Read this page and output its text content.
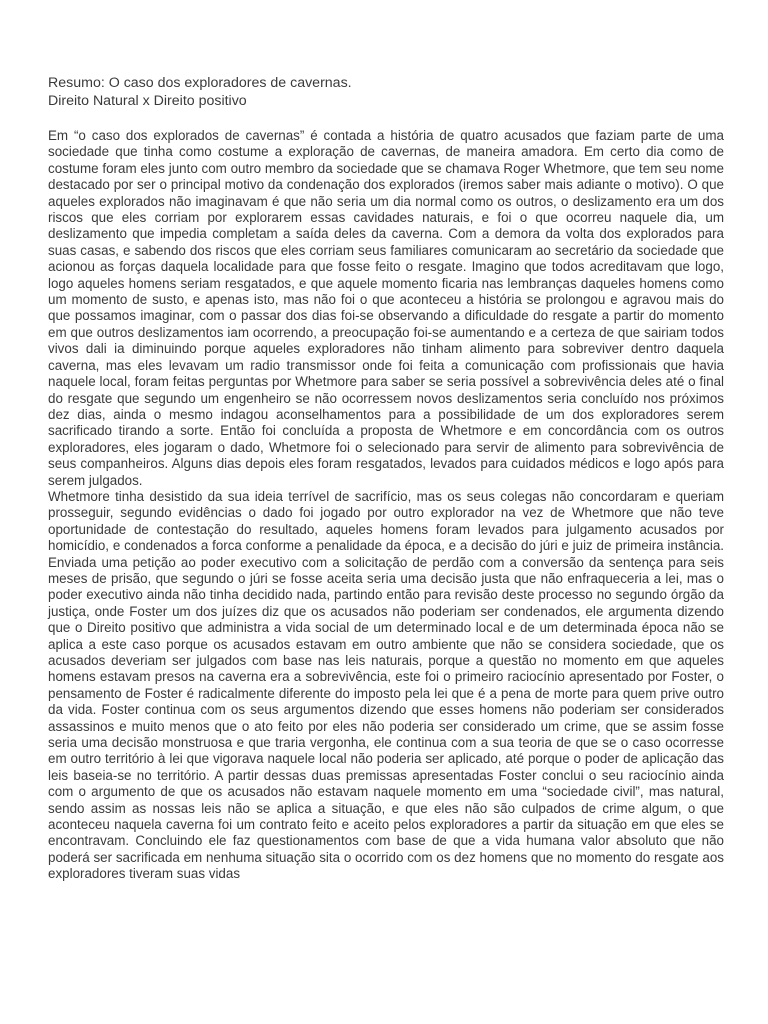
Resumo: O caso dos exploradores de cavernas.
Direito Natural x Direito positivo

Em “o caso dos explorados de cavernas” é contada a história de quatro acusados que faziam parte de uma sociedade que tinha como costume a exploração de cavernas, de maneira amadora. Em certo dia como de costume foram eles junto com outro membro da sociedade que se chamava Roger Whetmore, que tem seu nome destacado por ser o principal motivo da condenação dos explorados (iremos saber mais adiante o motivo). O que aqueles explorados não imaginavam é que não seria um dia normal como os outros, o deslizamento era um dos riscos que eles corriam por explorarem essas cavidades naturais, e foi o que ocorreu naquele dia, um deslizamento que impedia completam a saída deles da caverna. Com a demora da volta dos explorados para suas casas, e sabendo dos riscos que eles corriam seus familiares comunicaram ao secretário da sociedade que acionou as forças daquela localidade para que fosse feito o resgate. Imagino que todos acreditavam que logo, logo aqueles homens seriam resgatados, e que aquele momento ficaria nas lembranças daqueles homens como um momento de susto, e apenas isto, mas não foi o que aconteceu a história se prolongou e agravou mais do que possamos imaginar, com o passar dos dias foi-se observando a dificuldade do resgate a partir do momento em que outros deslizamentos iam ocorrendo, a preocupação foi-se aumentando e a certeza de que sairiam todos vivos dali ia diminuindo porque aqueles exploradores não tinham alimento para sobreviver dentro daquela caverna, mas eles levavam um radio transmissor onde foi feita a comunicação com profissionais que havia naquele local, foram feitas perguntas por Whetmore para saber se seria possível a sobrevivência deles até o final do resgate que segundo um engenheiro se não ocorressem novos deslizamentos seria concluído nos próximos dez dias, ainda o mesmo indagou aconselhamentos para a possibilidade de um dos exploradores serem sacrificado tirando a sorte. Então foi concluída a proposta de Whetmore e em concordância com os outros exploradores, eles jogaram o dado, Whetmore foi o selecionado para servir de alimento para sobrevivência de seus companheiros. Alguns dias depois eles foram resgatados, levados para cuidados médicos e logo após para serem julgados.

Whetmore tinha desistido da sua ideia terrível de sacrifício, mas os seus colegas não concordaram e queriam prosseguir, segundo evidências o dado foi jogado por outro explorador na vez de Whetmore que não teve oportunidade de contestação do resultado, aqueles homens foram levados para julgamento acusados por homicídio, e condenados a forca conforme a penalidade da época, e a decisão do júri e juiz de primeira instância. Enviada uma petição ao poder executivo com a solicitação de perdão com a conversão da sentença para seis meses de prisão, que segundo o júri se fosse aceita seria uma decisão justa que não enfraqueceria a lei, mas o poder executivo ainda não tinha decidido nada, partindo então para revisão deste processo no segundo órgão da justiça, onde Foster um dos juízes diz que os acusados não poderiam ser condenados, ele argumenta dizendo que o Direito positivo que administra a vida social de um determinado local e de um determinada época não se aplica a este caso porque os acusados estavam em outro ambiente que não se considera sociedade, que os acusados deveriam ser julgados com base nas leis naturais, porque a questão no momento em que aqueles homens estavam presos na caverna era a sobrevivência, este foi o primeiro raciocínio apresentado por Foster, o pensamento de Foster é radicalmente diferente do imposto pela lei que é a pena de morte para quem prive outro da vida. Foster continua com os seus argumentos dizendo que esses homens não poderiam ser considerados assassinos e muito menos que o ato feito por eles não poderia ser considerado um crime, que se assim fosse seria uma decisão monstruosa e que traria vergonha, ele continua com a sua teoria de que se o caso ocorresse em outro território à lei que vigorava naquele local não poderia ser aplicado, até porque o poder de aplicação das leis baseia-se no território. A partir dessas duas premissas apresentadas Foster conclui o seu raciocínio ainda com o argumento de que os acusados não estavam naquele momento em uma “sociedade civil”, mas natural, sendo assim as nossas leis não se aplica a situação, e que eles não são culpados de crime algum, o que aconteceu naquela caverna foi um contrato feito e aceito pelos exploradores a partir da situação em que eles se encontravam. Concluindo ele faz questionamentos com base de que a vida humana valor absoluto que não poderá ser sacrificada em nenhuma situação sita o ocorrido com os dez homens que no momento do resgate aos exploradores tiveram suas vidas
